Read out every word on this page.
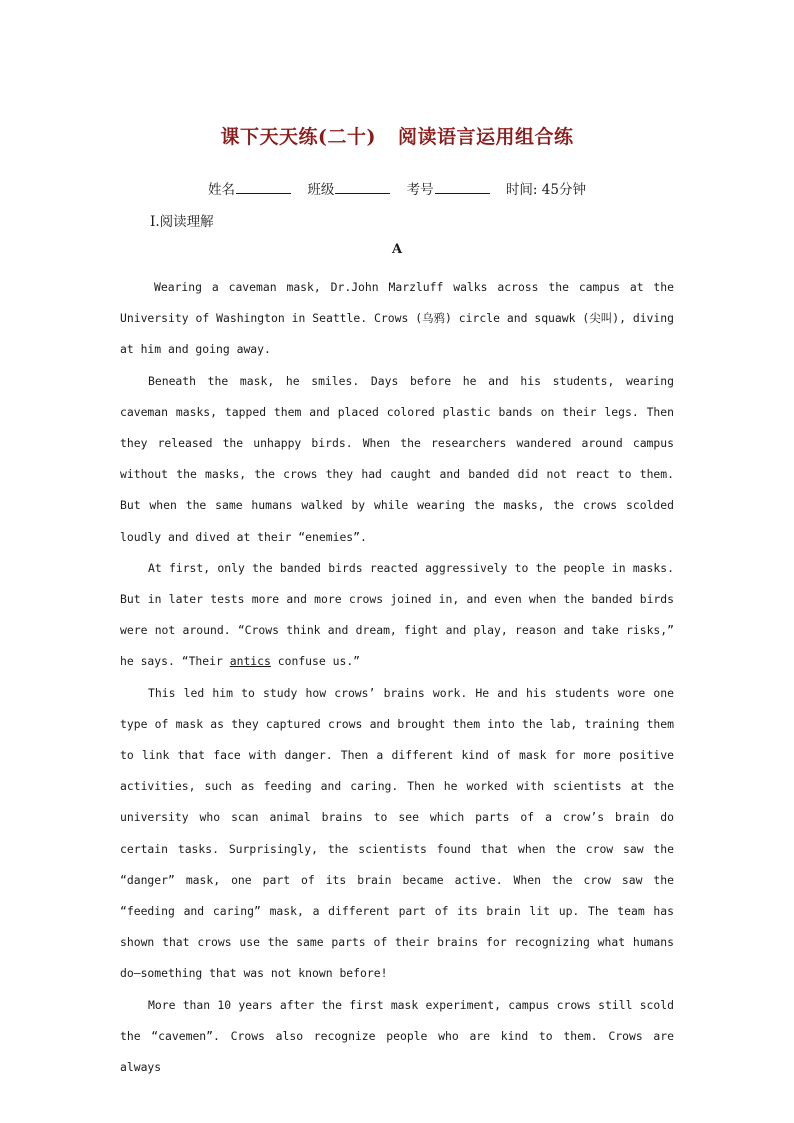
课下天天练(二十) 阅读语言运用组合练
姓名	班级	考号	时间: 45分钟
Ⅰ.阅读理解
A

Wearing a caveman mask, Dr.John Marzluff walks across the campus at the University of Washington in Seattle. Crows (乌鸦) circle and squawk (尖叫), diving at him and going away.

Beneath the mask, he smiles. Days before he and his students, wearing caveman masks, tapped them and placed colored plastic bands on their legs. Then they released the unhappy birds. When the researchers wandered around campus without the masks, the crows they had caught and banded did not react to them. But when the same humans walked by while wearing the masks, the crows scolded loudly and dived at their “enemies”.

At first, only the banded birds reacted aggressively to the people in masks. But in later tests more and more crows joined in, and even when the banded birds were not around. “Crows think and dream, fight and play, reason and take risks,” he says. “Their antics confuse us.”

This led him to study how crows’ brains work. He and his students wore one type of mask as they captured crows and brought them into the lab, training them to link that face with danger. Then a different kind of mask for more positive activities, such as feeding and caring. Then he worked with scientists at the university who scan animal brains to see which parts of a crow’s brain do certain tasks. Surprisingly, the scientists found that when the crow saw the “danger” mask, one part of its brain became active. When the crow saw the “feeding and caring” mask, a different part of its brain lit up. The team has shown that crows use the same parts of their brains for recognizing what humans do—something that was not known before!

More than 10 years after the first mask experiment, campus crows still scold the “cavemen”. Crows also recognize people who are kind to them. Crows are always
